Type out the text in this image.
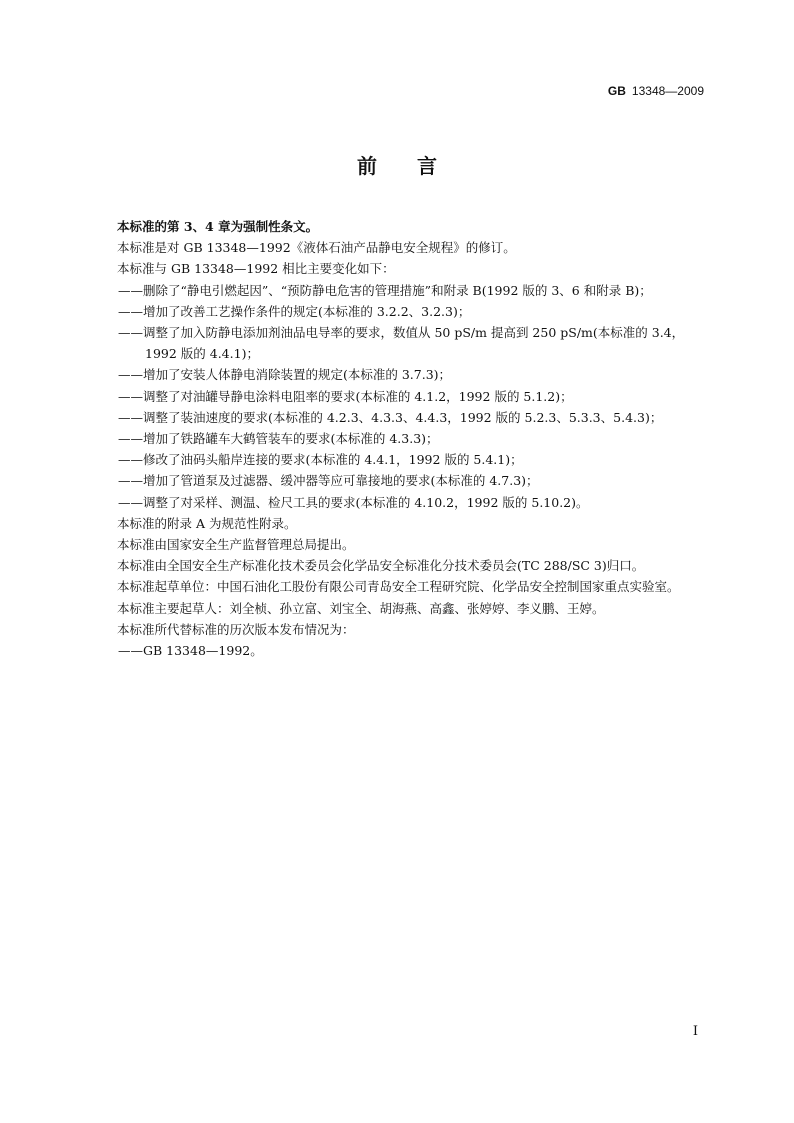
GB 13348—2009
前言

本标准的第 3、4 章为强制性条文。

本标准是对 GB 13348—1992《液体石油产品静电安全规程》的修订。

本标准与 GB 13348—1992 相比主要变化如下：

——删除了“静电引燃起因”、“预防静电危害的管理措施”和附录 B(1992 版的 3、6 和附录 B)；

——增加了改善工艺操作条件的规定(本标准的 3.2.2、3.2.3)；

——调整了加入防静电添加剂油品电导率的要求，数值从 50 pS/m 提高到 250 pS/m(本标准的 3.4，1992 版的 4.4.1)；

——增加了安装人体静电消除装置的规定(本标准的 3.7.3)；

——调整了对油罐导静电涂料电阻率的要求(本标准的 4.1.2，1992 版的 5.1.2)；

——调整了装油速度的要求(本标准的 4.2.3、4.3.3、4.4.3，1992 版的 5.2.3、5.3.3、5.4.3)；

——增加了铁路罐车大鹤管装车的要求(本标准的 4.3.3)；

——修改了油码头船岸连接的要求(本标准的 4.4.1，1992 版的 5.4.1)；

——增加了管道泵及过滤器、缓冲器等应可靠接地的要求(本标准的 4.7.3)；

——调整了对采样、测温、检尺工具的要求(本标准的 4.10.2，1992 版的 5.10.2)。

本标准的附录 A 为规范性附录。

本标准由国家安全生产监督管理总局提出。

本标准由全国安全生产标准化技术委员会化学品安全标准化分技术委员会(TC 288/SC 3)归口。

本标准起草单位：中国石油化工股份有限公司青岛安全工程研究院、化学品安全控制国家重点实验室。

本标准主要起草人：刘全桢、孙立富、刘宝全、胡海燕、高鑫、张婷婷、李义鹏、王婷。

本标准所代替标准的历次版本发布情况为：

——GB 13348—1992。

I
